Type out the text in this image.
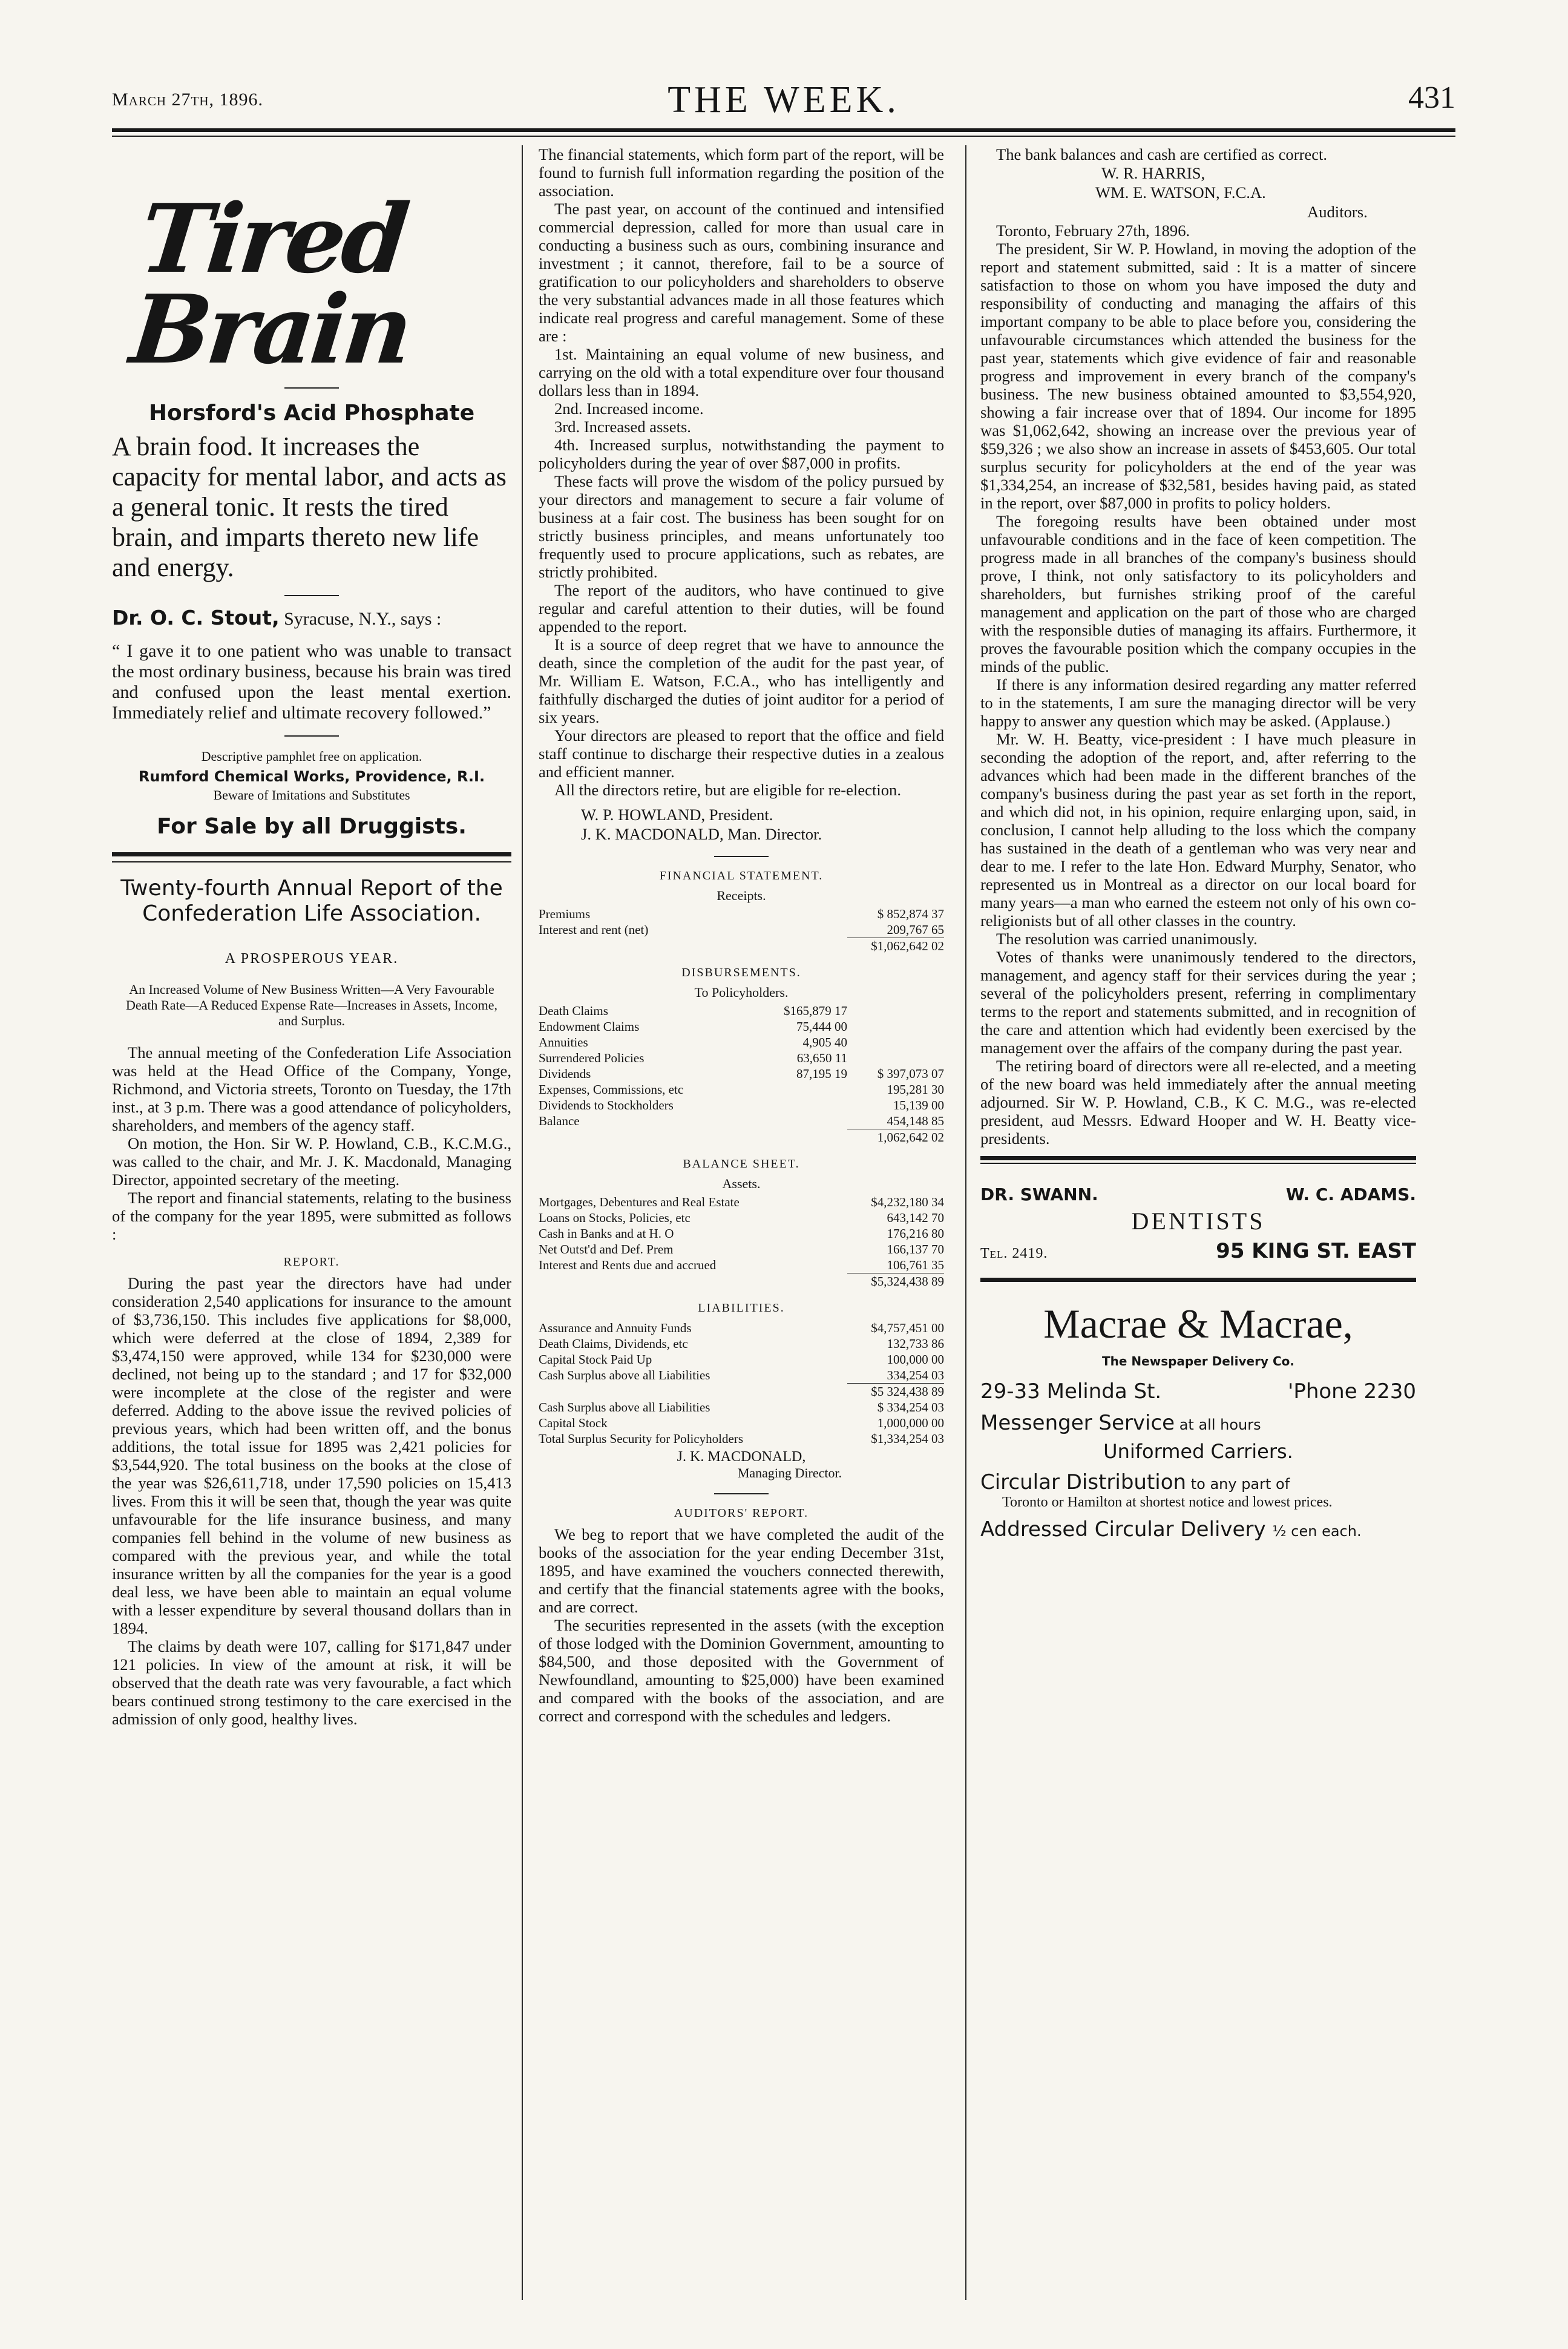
March 27th, 1896.	THE WEEK.	431
Tired Brain
Horsford's Acid Phosphate
A brain food. It increases the capacity for mental labor, and acts as a general tonic. It rests the tired brain, and imparts thereto new life and energy.
Dr. O. C. Stout, Syracuse, N.Y., says :
“ I gave it to one patient who was unable to transact the most ordinary business, because his brain was tired and confused upon the least mental exertion. Immediately relief and ultimate recovery followed.”
Descriptive pamphlet free on application.
Rumford Chemical Works, Providence, R.I.
Beware of Imitations and Substitutes
For Sale by all Druggists.
Twenty-fourth Annual Report of the Confederation Life Association.
A PROSPEROUS YEAR.
An Increased Volume of New Business Written—A Very Favourable Death Rate—A Reduced Expense Rate—Increases in Assets, Income, and Surplus.

The annual meeting of the Confederation Life Association was held at the Head Office of the Company, Yonge, Richmond, and Victoria streets, Toronto on Tuesday, the 17th inst., at 3 p.m. There was a good attendance of policyholders, shareholders, and members of the agency staff.

On motion, the Hon. Sir W. P. Howland, C.B., K.C.M.G., was called to the chair, and Mr. J. K. Macdonald, Managing Director, appointed secretary of the meeting.

The report and financial statements, relating to the business of the company for the year 1895, were submitted as follows :

REPORT.

During the past year the directors have had under consideration 2,540 applications for insurance to the amount of $3,736,150. This includes five applications for $8,000, which were deferred at the close of 1894, 2,389 for $3,474,150 were approved, while 134 for $230,000 were declined, not being up to the standard ; and 17 for $32,000 were incomplete at the close of the register and were deferred. Adding to the above issue the revived policies of previous years, which had been written off, and the bonus additions, the total issue for 1895 was 2,421 policies for $3,544,920. The total business on the books at the close of the year was $26,611,718, under 17,590 policies on 15,413 lives. From this it will be seen that, though the year was quite unfavourable for the life insurance business, and many companies fell behind in the volume of new business as compared with the previous year, and while the total insurance written by all the companies for the year is a good deal less, we have been able to maintain an equal volume with a lesser expenditure by several thousand dollars than in 1894.

The claims by death were 107, calling for $171,847 under 121 policies. In view of the amount at risk, it will be observed that the death rate was very favourable, a fact which bears continued strong testimony to the care exercised in the admission of only good, healthy lives.

The financial statements, which form part of the report, will be found to furnish full information regarding the position of the association.

The past year, on account of the continued and intensified commercial depression, called for more than usual care in conducting a business such as ours, combining insurance and investment ; it cannot, therefore, fail to be a source of gratification to our policyholders and shareholders to observe the very substantial advances made in all those features which indicate real progress and careful management. Some of these are :

1st. Maintaining an equal volume of new business, and carrying on the old with a total expenditure over four thousand dollars less than in 1894.

2nd. Increased income.

3rd. Increased assets.

4th. Increased surplus, notwithstanding the payment to policyholders during the year of over $87,000 in profits.

These facts will prove the wisdom of the policy pursued by your directors and management to secure a fair volume of business at a fair cost. The business has been sought for on strictly business principles, and means unfortunately too frequently used to procure applications, such as rebates, are strictly prohibited.

The report of the auditors, who have continued to give regular and careful attention to their duties, will be found appended to the report.

It is a source of deep regret that we have to announce the death, since the completion of the audit for the past year, of Mr. William E. Watson, F.C.A., who has intelligently and faithfully discharged the duties of joint auditor for a period of six years.

Your directors are pleased to report that the office and field staff continue to discharge their respective duties in a zealous and efficient manner.

All the directors retire, but are eligible for re-election.

W. P. HOWLAND, President.
J. K. MACDONALD, Man. Director.
FINANCIAL STATEMENT.
Receipts.
Premiums		$ 852,874 37
Interest and rent (net)		209,767 65
		$1,062,642 02
DISBURSEMENTS.
To Policyholders.
Death Claims	$165,879 17	
Endowment Claims	75,444 00	
Annuities	4,905 40	
Surrendered Policies	63,650 11	
Dividends	87,195 19	$ 397,073 07
Expenses, Commissions, etc		195,281 30
Dividends to Stockholders		15,139 00
Balance		454,148 85
		1,062,642 02
BALANCE SHEET.
Assets.
Mortgages, Debentures and Real Estate	$4,232,180 34
Loans on Stocks, Policies, etc	643,142 70
Cash in Banks and at H. O	176,216 80
Net Outst'd and Def. Prem	166,137 70
Interest and Rents due and accrued	106,761 35
	$5,324,438 89
LIABILITIES.
Assurance and Annuity Funds	$4,757,451 00
Death Claims, Dividends, etc	132,733 86
Capital Stock Paid Up	100,000 00
Cash Surplus above all Liabilities	334,254 03
	$5 324,438 89
Cash Surplus above all Liabilities	$ 334,254 03
Capital Stock	1,000,000 00
Total Surplus Security for Policyholders	$1,334,254 03
J. K. MACDONALD,
Managing Director.
AUDITORS' REPORT.

We beg to report that we have completed the audit of the books of the association for the year ending December 31st, 1895, and have examined the vouchers connected therewith, and certify that the financial statements agree with the books, and are correct.

The securities represented in the assets (with the exception of those lodged with the Dominion Government, amounting to $84,500, and those deposited with the Government of Newfoundland, amounting to $25,000) have been examined and compared with the books of the association, and are correct and correspond with the schedules and ledgers.

The bank balances and cash are certified as correct.

W. R. HARRIS,
WM. E. WATSON, F.C.A.
Auditors.

Toronto, February 27th, 1896.

The president, Sir W. P. Howland, in moving the adoption of the report and statement submitted, said : It is a matter of sincere satisfaction to those on whom you have imposed the duty and responsibility of conducting and managing the affairs of this important company to be able to place before you, considering the unfavourable circumstances which attended the business for the past year, statements which give evidence of fair and reasonable progress and improvement in every branch of the company's business. The new business obtained amounted to $3,554,920, showing a fair increase over that of 1894. Our income for 1895 was $1,062,642, showing an increase over the previous year of $59,326 ; we also show an increase in assets of $453,605. Our total surplus security for policyholders at the end of the year was $1,334,254, an increase of $32,581, besides having paid, as stated in the report, over $87,000 in profits to policy holders.

The foregoing results have been obtained under most unfavourable conditions and in the face of keen competition. The progress made in all branches of the company's business should prove, I think, not only satisfactory to its policyholders and shareholders, but furnishes striking proof of the careful management and application on the part of those who are charged with the responsible duties of managing its affairs. Furthermore, it proves the favourable position which the company occupies in the minds of the public.

If there is any information desired regarding any matter referred to in the statements, I am sure the managing director will be very happy to answer any question which may be asked. (Applause.)

Mr. W. H. Beatty, vice-president : I have much pleasure in seconding the adoption of the report, and, after referring to the advances which had been made in the different branches of the company's business during the past year as set forth in the report, and which did not, in his opinion, require enlarging upon, said, in conclusion, I cannot help alluding to the loss which the company has sustained in the death of a gentleman who was very near and dear to me. I refer to the late Hon. Edward Murphy, Senator, who represented us in Montreal as a director on our local board for many years—a man who earned the esteem not only of his own co-religionists but of all other classes in the country.

The resolution was carried unanimously.

Votes of thanks were unanimously tendered to the directors, management, and agency staff for their services during the year ; several of the policyholders present, referring in complimentary terms to the report and statements submitted, and in recognition of the care and attention which had evidently been exercised by the management over the affairs of the company during the past year.

The retiring board of directors were all re-elected, and a meeting of the new board was held immediately after the annual meeting adjourned. Sir W. P. Howland, C.B., K C. M.G., was re-elected president, aud Messrs. Edward Hooper and W. H. Beatty vice-presidents.

DR. SWANN.	W. C. ADAMS.
DENTISTS
Tel. 2419.	95 KING ST. EAST
Macrae & Macrae,
The Newspaper Delivery Co.
29-33 Melinda St.	'Phone 2230
Messenger Service at all hours
Uniformed Carriers.
Circular Distribution to any part of
Toronto or Hamilton at shortest notice and lowest prices.
Addressed Circular Delivery ½ cen each.
